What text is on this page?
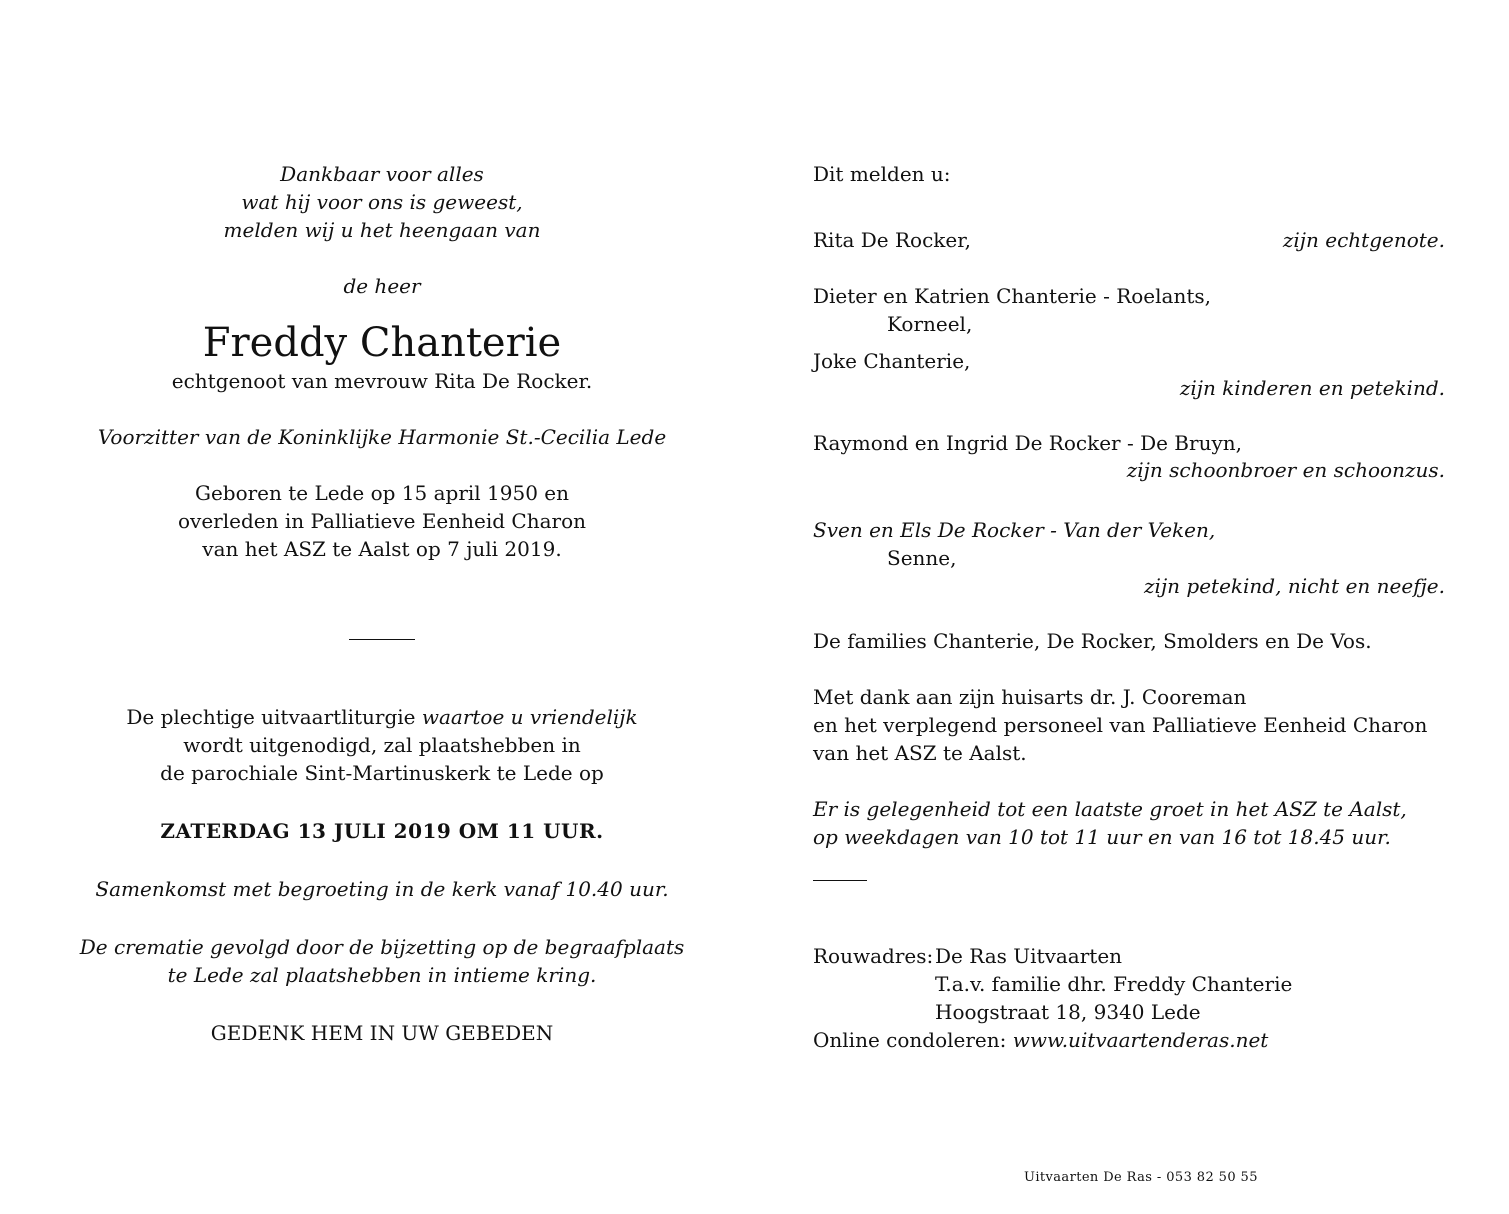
Dankbaar voor alles

wat hij voor ons is geweest,

melden wij u het heengaan van

de heer

Freddy Chanterie

echtgenoot van mevrouw Rita De Rocker.

Voorzitter van de Koninklijke Harmonie St.-Cecilia Lede

Geboren te Lede op 15 april 1950 en

overleden in Palliatieve Eenheid Charon

van het ASZ te Aalst op 7 juli 2019.

De plechtige uitvaartliturgie waartoe u vriendelijk

wordt uitgenodigd, zal plaatshebben in

de parochiale Sint-Martinuskerk te Lede op

ZATERDAG 13 JULI 2019 OM 11 UUR.

Samenkomst met begroeting in de kerk vanaf 10.40 uur.

De crematie gevolgd door de bijzetting op de begraafplaats

te Lede zal plaatshebben in intieme kring.

GEDENK HEM IN UW GEBEDEN

Dit melden u:
Rita De Rocker,	zijn echtgenote.
Dieter en Katrien Chanterie - Roelants,
Korneel,
Joke Chanterie,
zijn kinderen en petekind.
Raymond en Ingrid De Rocker - De Bruyn,
zijn schoonbroer en schoonzus.
Sven en Els De Rocker - Van der Veken,
Senne,
zijn petekind, nicht en neefje.
De families Chanterie, De Rocker, Smolders en De Vos.
Met dank aan zijn huisarts dr. J. Cooreman
en het verplegend personeel van Palliatieve Eenheid Charon
van het ASZ te Aalst.
Er is gelegenheid tot een laatste groet in het ASZ te Aalst,
op weekdagen van 10 tot 11 uur en van 16 tot 18.45 uur.
Rouwadres: De Ras Uitvaarten
T.a.v. familie dhr. Freddy Chanterie
Hoogstraat 18, 9340 Lede
Online condoleren: www.uitvaartenderas.net
Uitvaarten De Ras - 053 82 50 55
